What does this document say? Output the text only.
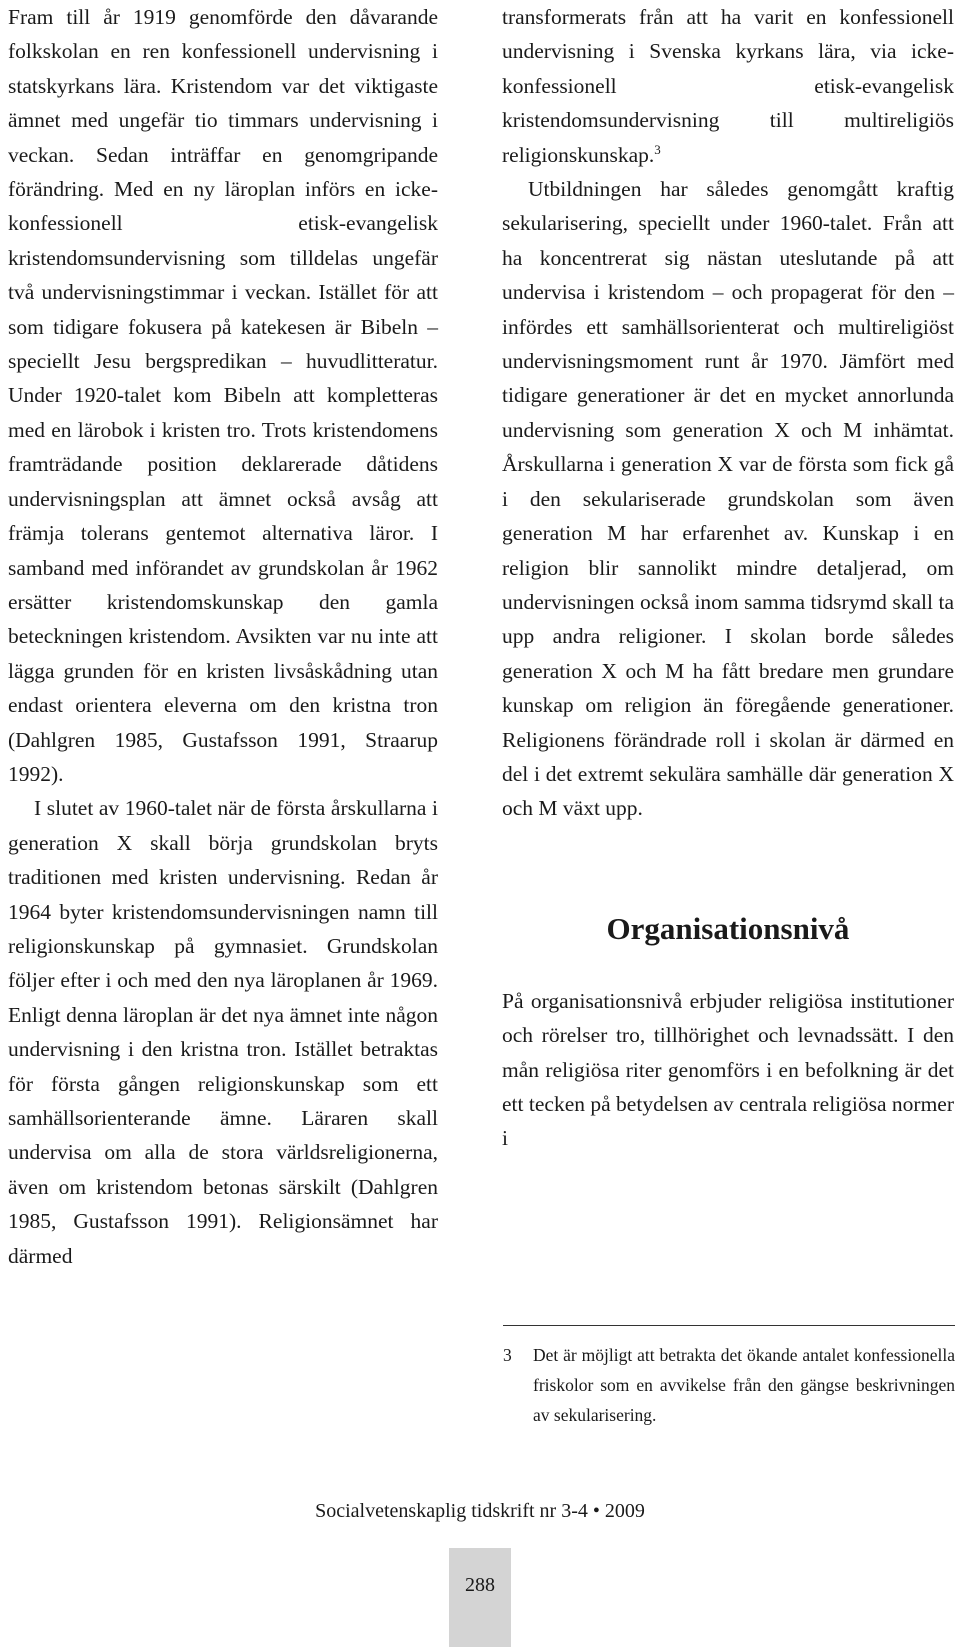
Fram till år 1919 genomförde den dåvarande folkskolan en ren konfessionell undervisning i statskyrkans lära. Kristendom var det viktigaste ämnet med ungefär tio timmars undervisning i veckan. Sedan inträffar en genomgripande förändring. Med en ny läroplan införs en icke-konfessionell etisk-evangelisk kristendomsundervisning som tilldelas ungefär två undervisningstimmar i veckan. Istället för att som tidigare fokusera på katekesen är Bibeln – speciellt Jesu bergspredikan – huvudlitteratur. Under 1920-talet kom Bibeln att kompletteras med en lärobok i kristen tro. Trots kristendomens framträdande position deklarerade dåtidens undervisningsplan att ämnet också avsåg att främja tolerans gentemot alternativa läror. I samband med införandet av grundskolan år 1962 ersätter kristendomskunskap den gamla beteckningen kristendom. Avsikten var nu inte att lägga grunden för en kristen livsåskådning utan endast orientera eleverna om den kristna tron (Dahlgren 1985, Gustafsson 1991, Straarup 1992).

I slutet av 1960-talet när de första årskullarna i generation X skall börja grundskolan bryts traditionen med kristen undervisning. Redan år 1964 byter kristendomsundervisningen namn till religionskunskap på gymnasiet. Grundskolan följer efter i och med den nya läroplanen år 1969. Enligt denna läroplan är det nya ämnet inte någon undervisning i den kristna tron. Istället betraktas för första gången religionskunskap som ett samhällsorienterande ämne. Läraren skall undervisa om alla de stora världsreligionerna, även om kristendom betonas särskilt (Dahlgren 1985, Gustafsson 1991). Religionsämnet har därmed

transformerats från att ha varit en konfessionell undervisning i Svenska kyrkans lära, via icke-konfessionell etisk-evangelisk kristendomsundervisning till multireligiös religionskunskap.$^3$

Utbildningen har således genomgått kraftig sekularisering, speciellt under 1960-talet. Från att ha koncentrerat sig nästan uteslutande på att undervisa i kristendom – och propagerat för den – infördes ett samhällsorienterat och multireligiöst undervisningsmoment runt år 1970. Jämfört med tidigare generationer är det en mycket annorlunda undervisning som generation X och M inhämtat. Årskullarna i generation X var de första som fick gå i den sekulariserade grundskolan som även generation M har erfarenhet av. Kunskap i en religion blir sannolikt mindre detaljerad, om undervisningen också inom samma tidsrymd skall ta upp andra religioner. I skolan borde således generation X och M ha fått bredare men grundare kunskap om religion än föregående generationer. Religionens förändrade roll i skolan är därmed en del i det extremt sekulära samhälle där generation X och M växt upp.

Organisationsnivå

På organisationsnivå erbjuder religiösa institutioner och rörelser tro, tillhörighet och levnadssätt. I den mån religiösa riter genomförs i en befolkning är det ett tecken på betydelsen av centrala religiösa normer i

3 Det är möjligt att betrakta det ökande antalet konfessionella friskolor som en avvikelse från den gängse beskrivningen av sekularisering.
Socialvetenskaplig tidskrift nr 3-4 • 2009
288
